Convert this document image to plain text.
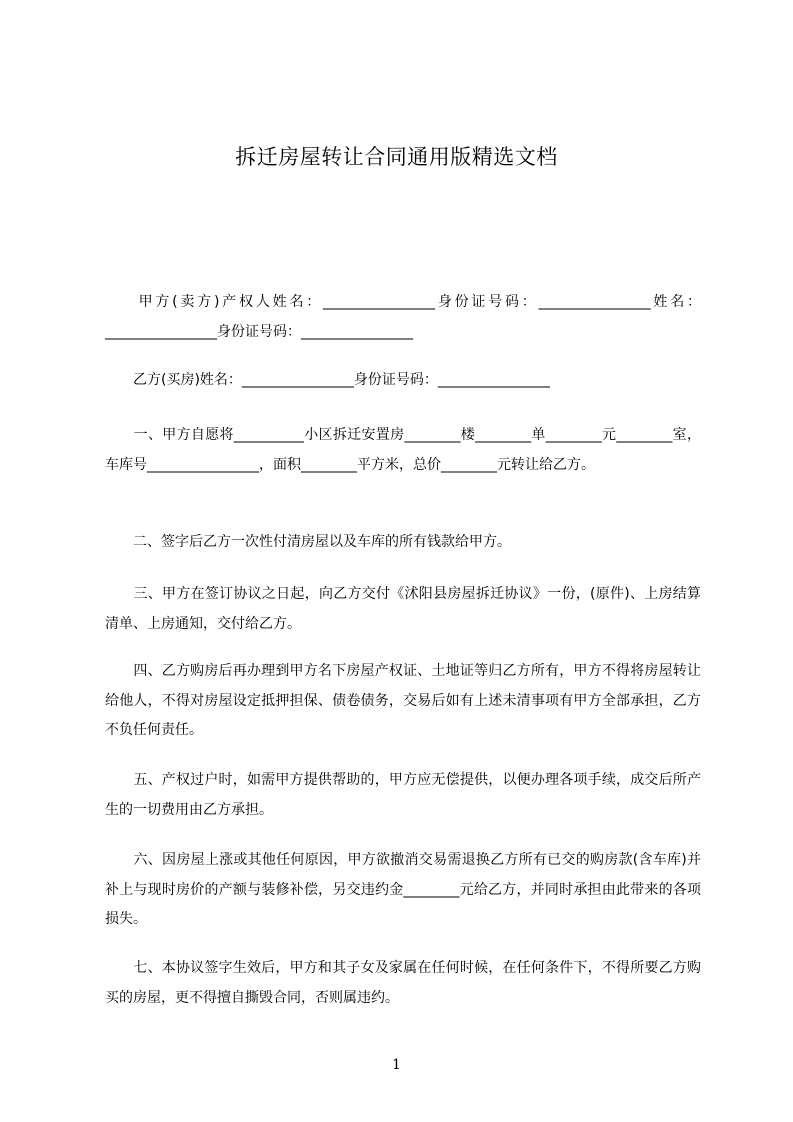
拆迁房屋转让合同通用版精选文档

　　甲方(卖方)产权人姓名：________________身份证号码：________________姓名：________________身份证号码：________________

　　乙方(买房)姓名：________________身份证号码：________________

　　一、甲方自愿将__________小区拆迁安置房________楼________单________元________室，车库号________________，面积________平方米，总价________元转让给乙方。

　　二、签字后乙方一次性付清房屋以及车库的所有钱款给甲方。

　　三、甲方在签订协议之日起，向乙方交付《沭阳县房屋拆迁协议》一份，(原件)、上房结算清单、上房通知，交付给乙方。

　　四、乙方购房后再办理到甲方名下房屋产权证、土地证等归乙方所有，甲方不得将房屋转让给他人，不得对房屋设定抵押担保、债卷债务，交易后如有上述未清事项有甲方全部承担，乙方不负任何责任。

　　五、产权过户时，如需甲方提供帮助的，甲方应无偿提供，以便办理各项手续，成交后所产生的一切费用由乙方承担。

　　六、因房屋上涨或其他任何原因，甲方欲撤消交易需退换乙方所有已交的购房款(含车库)并补上与现时房价的产额与装修补偿，另交违约金________元给乙方，并同时承担由此带来的各项损失。

　　七、本协议签字生效后，甲方和其子女及家属在任何时候，在任何条件下，不得所要乙方购买的房屋，更不得擅自撕毁合同，否则属违约。

1
